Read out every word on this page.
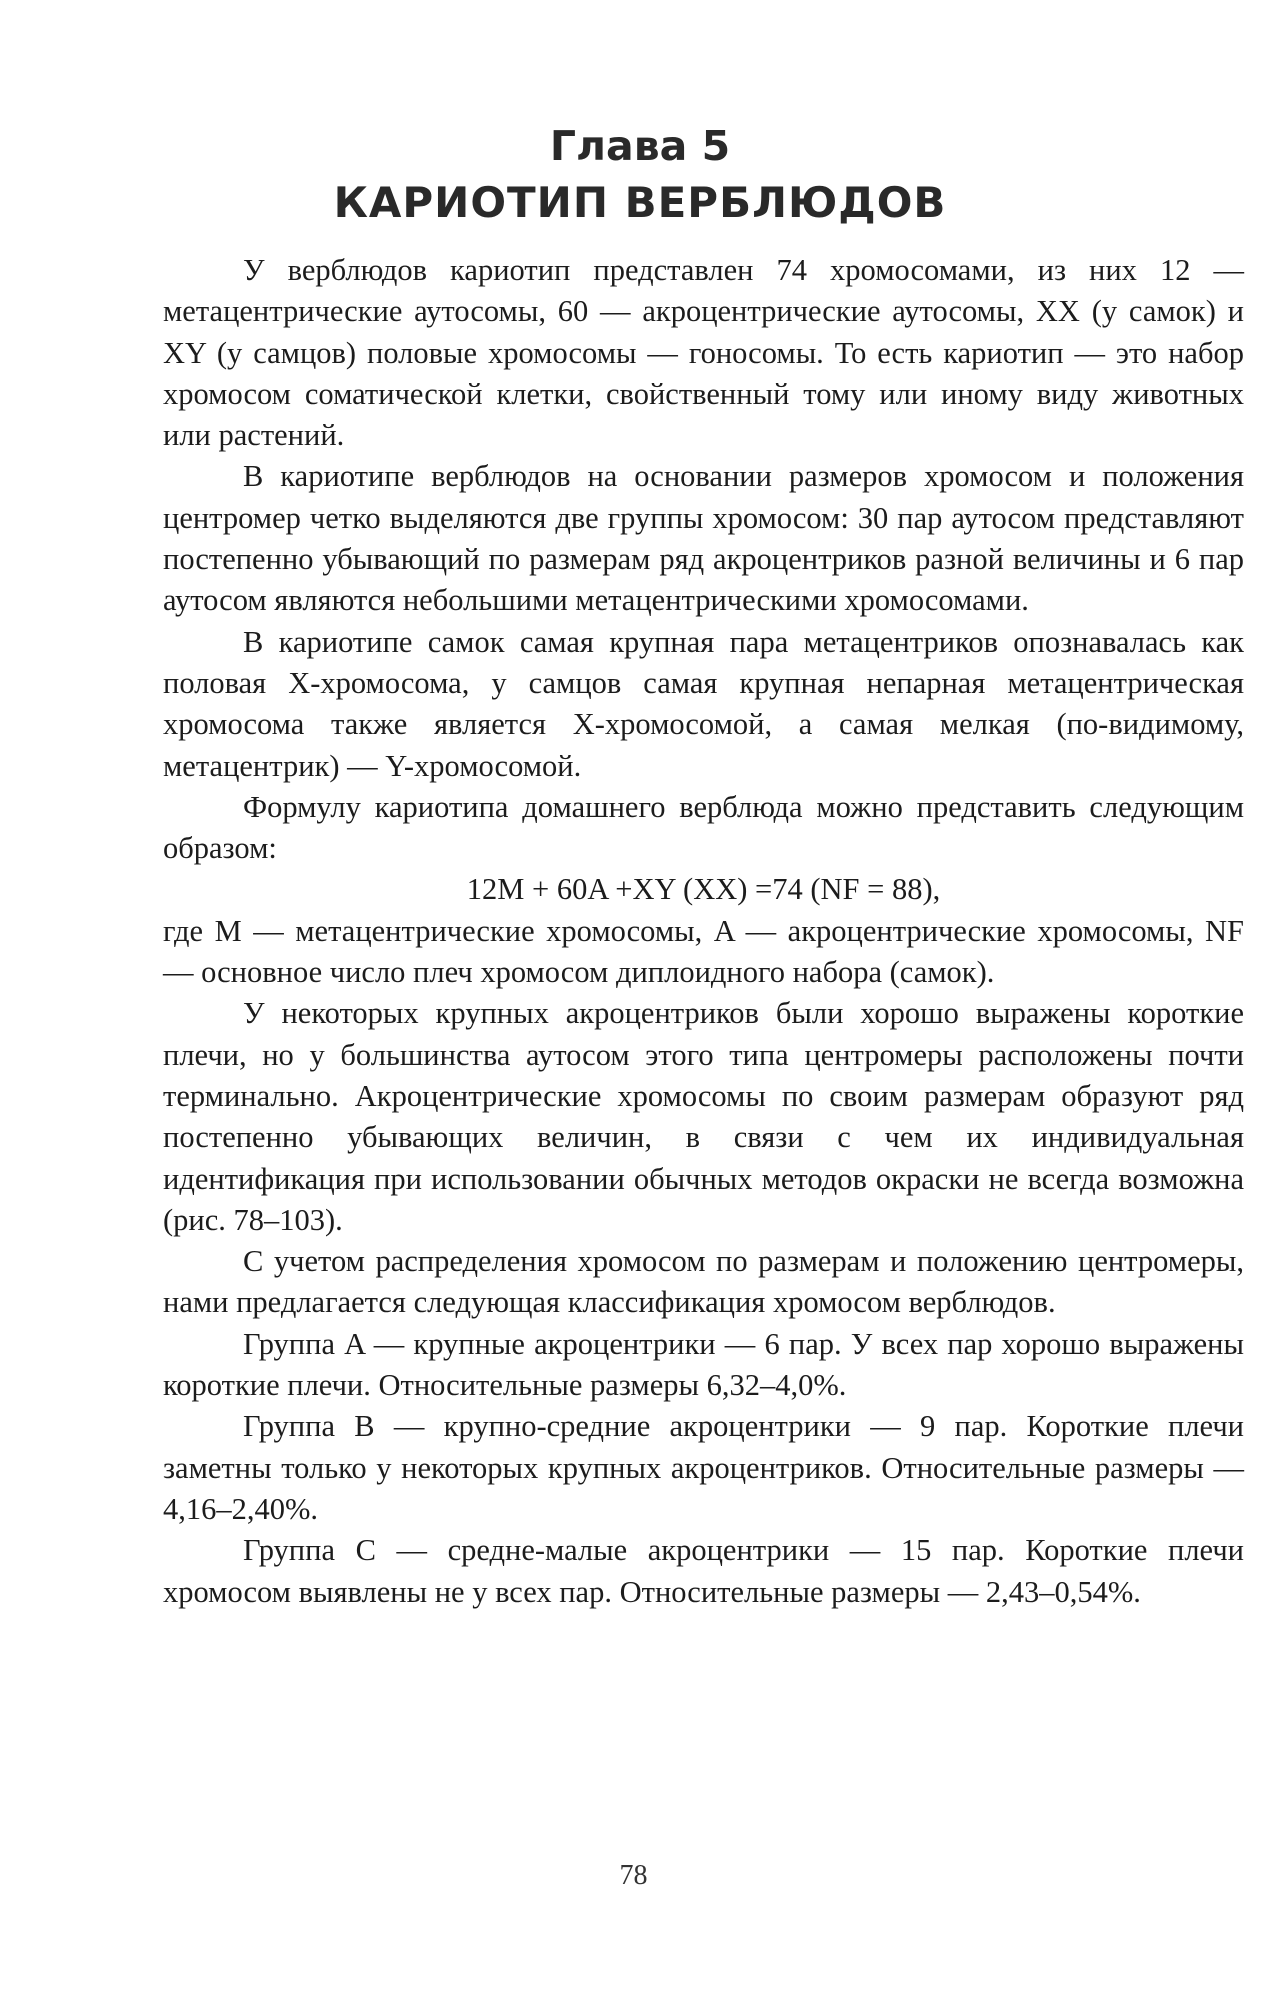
Глава 5
КАРИОТИП ВЕРБЛЮДОВ

У верблюдов кариотип представлен 74 хромосомами, из них 12 — метацентрические аутосомы, 60 — акроцентрические аутосомы, XX (у самок) и XY (у самцов) половые хромосомы — гоносомы. То есть кариотип — это набор хромосом соматической клетки, свойственный тому или иному виду животных или растений.

В кариотипе верблюдов на основании размеров хромосом и положения центромер четко выделяются две группы хромосом: 30 пар аутосом представляют постепенно убывающий по размерам ряд акроцентриков разной величины и 6 пар аутосом являются небольшими метацентрическими хромосомами.

В кариотипе самок самая крупная пара метацентриков опознавалась как половая X-хромосома, у самцов самая крупная непарная метацентрическая хромосома также является X-хромосомой, а самая мелкая (по-видимому, метацентрик) — Y-хромосомой.

Формулу кариотипа домашнего верблюда можно представить следующим образом:

12M + 60A +XY (XX) =74 (NF = 88),

где M — метацентрические хромосомы, A — акроцентрические хромосомы, NF — основное число плеч хромосом диплоидного набора (самок).

У некоторых крупных акроцентриков были хорошо выражены короткие плечи, но у большинства аутосом этого типа центромеры расположены почти терминально. Акроцентрические хромосомы по своим размерам образуют ряд постепенно убывающих величин, в связи с чем их индивидуальная идентификация при использовании обычных методов окраски не всегда возможна (рис. 78–103).

С учетом распределения хромосом по размерам и положению центромеры, нами предлагается следующая классификация хромосом верблюдов.

Группа A — крупные акроцентрики — 6 пар. У всех пар хорошо выражены короткие плечи. Относительные размеры 6,32–4,0%.

Группа B — крупно-средние акроцентрики — 9 пар. Короткие плечи заметны только у некоторых крупных акроцентриков. Относительные размеры — 4,16–2,40%.

Группа C — средне-малые акроцентрики — 15 пар. Короткие плечи хромосом выявлены не у всех пар. Относительные размеры — 2,43–0,54%.

78
